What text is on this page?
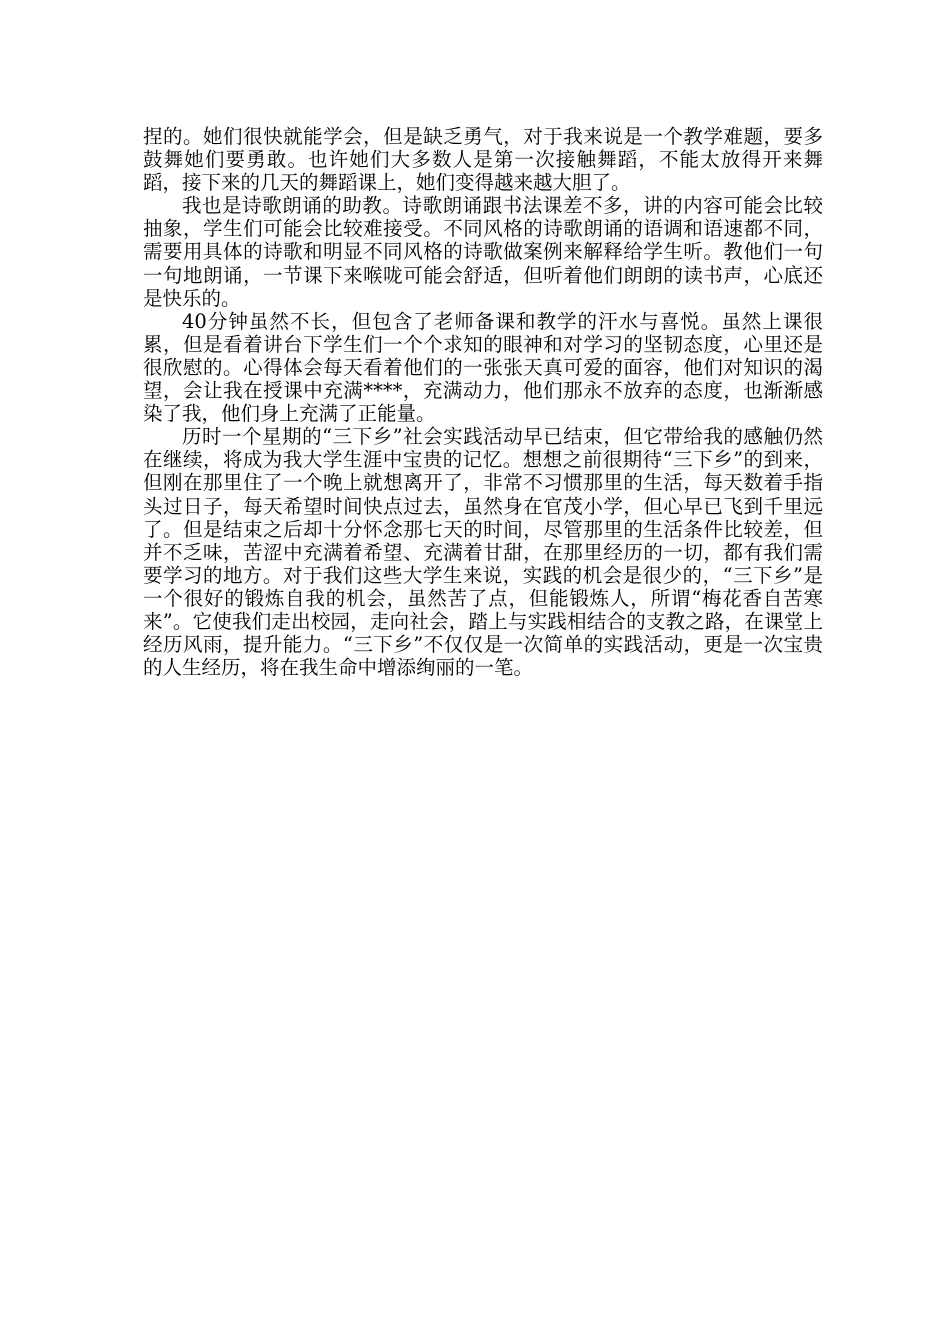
捏的。她们很快就能学会，但是缺乏勇气，对于我来说是一个教学难题，要多鼓舞她们要勇敢。也许她们大多数人是第一次接触舞蹈，不能太放得开来舞蹈，接下来的几天的舞蹈课上，她们变得越来越大胆了。

我也是诗歌朗诵的助教。诗歌朗诵跟书法课差不多，讲的内容可能会比较抽象，学生们可能会比较难接受。不同风格的诗歌朗诵的语调和语速都不同，需要用具体的诗歌和明显不同风格的诗歌做案例来解释给学生听。教他们一句一句地朗诵，一节课下来喉咙可能会舒适，但听着他们朗朗的读书声，心底还是快乐的。

40分钟虽然不长，但包含了老师备课和教学的汗水与喜悦。虽然上课很累，但是看着讲台下学生们一个个求知的眼神和对学习的坚韧态度，心里还是很欣慰的。心得体会每天看着他们的一张张天真可爱的面容，他们对知识的渴望，会让我在授课中充满****，充满动力，他们那永不放弃的态度，也渐渐感染了我，他们身上充满了正能量。

历时一个星期的“三下乡”社会实践活动早已结束，但它带给我的感触仍然在继续，将成为我大学生涯中宝贵的记忆。想想之前很期待“三下乡”的到来，但刚在那里住了一个晚上就想离开了，非常不习惯那里的生活，每天数着手指头过日子，每天希望时间快点过去，虽然身在官茂小学，但心早已飞到千里远了。但是结束之后却十分怀念那七天的时间，尽管那里的生活条件比较差，但并不乏味，苦涩中充满着希望、充满着甘甜，在那里经历的一切，都有我们需要学习的地方。对于我们这些大学生来说，实践的机会是很少的，“三下乡”是一个很好的锻炼自我的机会，虽然苦了点，但能锻炼人，所谓“梅花香自苦寒来”。它使我们走出校园，走向社会，踏上与实践相结合的支教之路，在课堂上经历风雨，提升能力。“三下乡”不仅仅是一次简单的实践活动，更是一次宝贵的人生经历，将在我生命中增添绚丽的一笔。
